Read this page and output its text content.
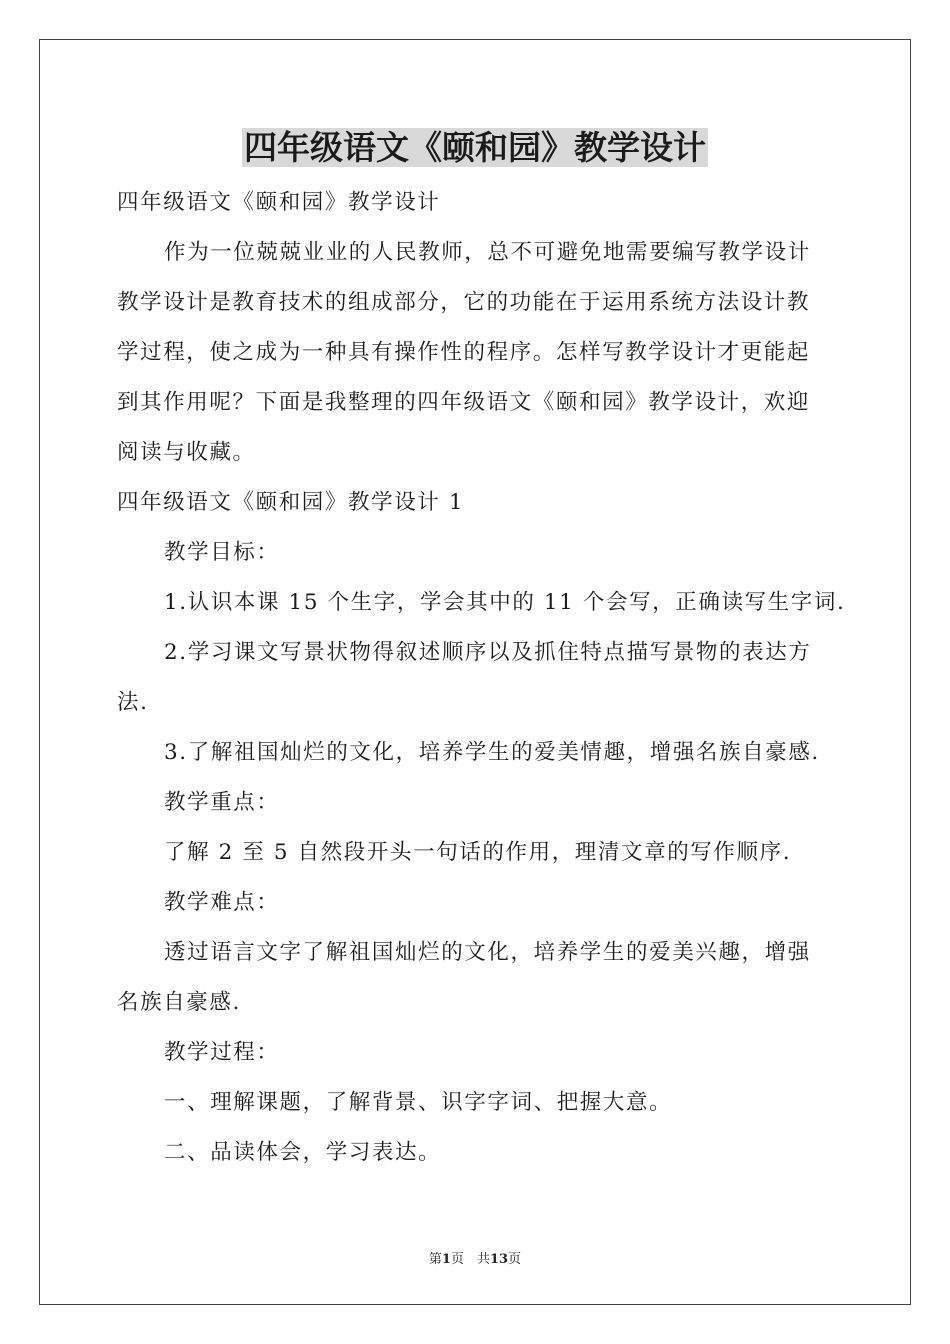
四年级语文《颐和园》教学设计

四年级语文《颐和园》教学设计

作为一位兢兢业业的人民教师，总不可避免地需要编写教学设计

教学设计是教育技术的组成部分，它的功能在于运用系统方法设计教

学过程，使之成为一种具有操作性的程序。怎样写教学设计才更能起

到其作用呢？下面是我整理的四年级语文《颐和园》教学设计，欢迎

阅读与收藏。

四年级语文《颐和园》教学设计 1

教学目标：

1.认识本课 15 个生字，学会其中的 11 个会写，正确读写生字词.

2.学习课文写景状物得叙述顺序以及抓住特点描写景物的表达方

法.

3.了解祖国灿烂的文化，培养学生的爱美情趣，增强名族自豪感.

教学重点：

了解 2 至 5 自然段开头一句话的作用，理清文章的写作顺序.

教学难点：

透过语言文字了解祖国灿烂的文化，培养学生的爱美兴趣，增强

名族自豪感.

教学过程：

一、理解课题，了解背景、识字字词、把握大意。

二、品读体会，学习表达。

第1页　共13页
